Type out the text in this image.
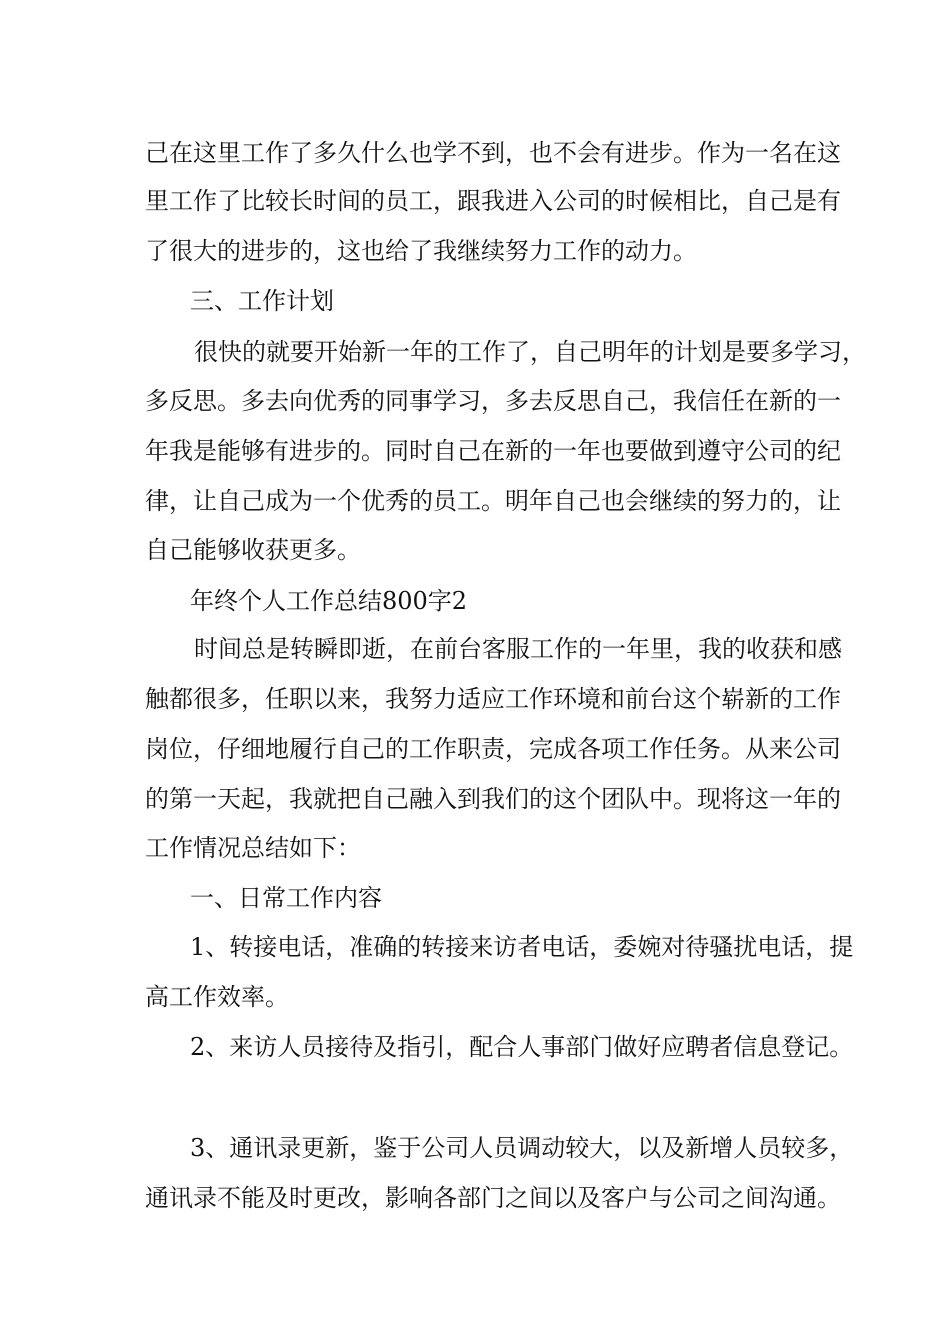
己在这里工作了多久什么也学不到，也不会有进步。作为一名在这

里工作了比较长时间的员工，跟我进入公司的时候相比，自己是有

了很大的进步的，这也给了我继续努力工作的动力。

三、工作计划

很快的就要开始新一年的工作了，自己明年的计划是要多学习，

多反思。多去向优秀的同事学习，多去反思自己，我信任在新的一

年我是能够有进步的。同时自己在新的一年也要做到遵守公司的纪

律，让自己成为一个优秀的员工。明年自己也会继续的努力的，让

自己能够收获更多。

年终个人工作总结800字2

时间总是转瞬即逝，在前台客服工作的一年里，我的收获和感

触都很多，任职以来，我努力适应工作环境和前台这个崭新的工作

岗位，仔细地履行自己的工作职责，完成各项工作任务。从来公司

的第一天起，我就把自己融入到我们的这个团队中。现将这一年的

工作情况总结如下：

一、日常工作内容

1、转接电话，准确的转接来访者电话，委婉对待骚扰电话，提

高工作效率。

2、来访人员接待及指引，配合人事部门做好应聘者信息登记。

3、通讯录更新，鉴于公司人员调动较大，以及新增人员较多，

通讯录不能及时更改，影响各部门之间以及客户与公司之间沟通。
